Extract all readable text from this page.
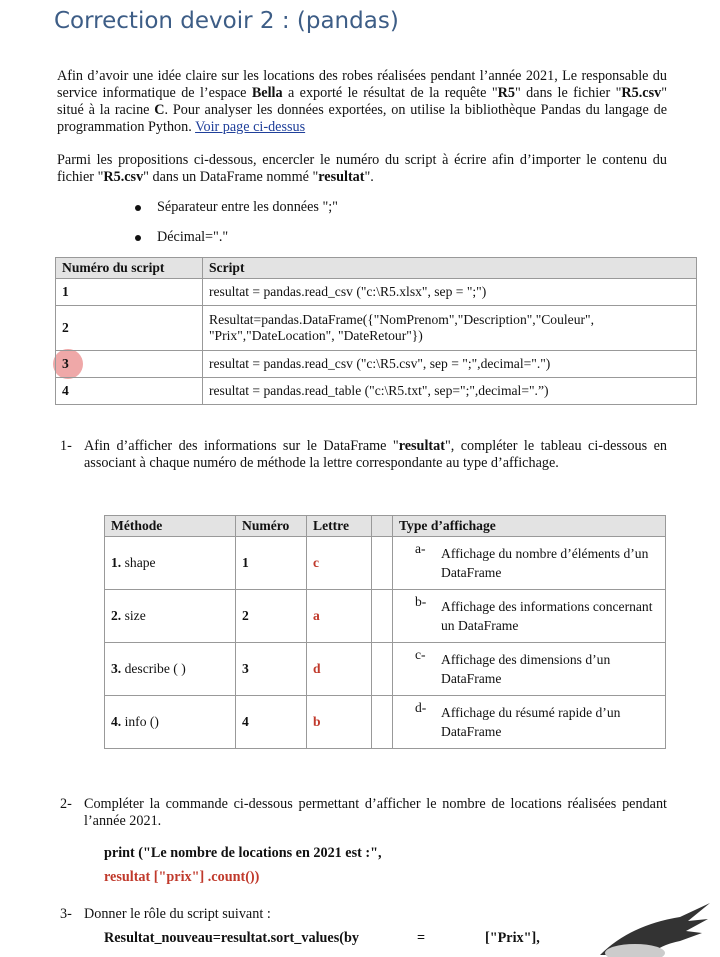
Correction devoir 2 : (pandas)
Afin d’avoir une idée claire sur les locations des robes réalisées pendant l’année 2021, Le responsable du service informatique de l’espace Bella a exporté le résultat de la requête "R5" dans le fichier "R5.csv" situé à la racine C. Pour analyser les données exportées, on utilise la bibliothèque Pandas du langage de programmation Python. Voir page ci-dessus
Parmi les propositions ci-dessous, encercler le numéro du script à écrire afin d’importer le contenu du fichier "R5.csv" dans un DataFrame nommé "resultat".
Séparateur entre les données ";"
Décimal="."
Numéro du script	Script
1	resultat = pandas.read_csv ("c:\R5.xlsx", sep = ";")
2	Resultat=pandas.DataFrame({"NomPrenom","Description","Couleur", "Prix","DateLocation", "DateRetour"})
3	resultat = pandas.read_csv ("c:\R5.csv", sep = ";",decimal=".")
4	resultat = pandas.read_table ("c:\R5.txt", sep=";",decimal=".”)
1- Afin d’afficher des informations sur le DataFrame "resultat", compléter le tableau ci-dessous en associant à chaque numéro de méthode la lettre correspondante au type d’affichage.
Méthode	Numéro	Lettre		Type d’affichage
1. shape	1	c		a- Affichage du nombre d’éléments d’un DataFrame
2. size	2	a		b- Affichage des informations concernant un DataFrame
3. describe ( )	3	d		c- Affichage des dimensions d’un DataFrame
4. info ()	4	b		d- Affichage du résumé rapide d’un DataFrame
2- Compléter la commande ci-dessous permettant d’afficher le nombre de locations réalisées pendant l’année 2021.
print ("Le nombre de locations en 2021 est :",
resultat ["prix"] .count())
3- Donner le rôle du script suivant :
Resultat_nouveau=resultat.sort_values(by	=	["Prix"],
